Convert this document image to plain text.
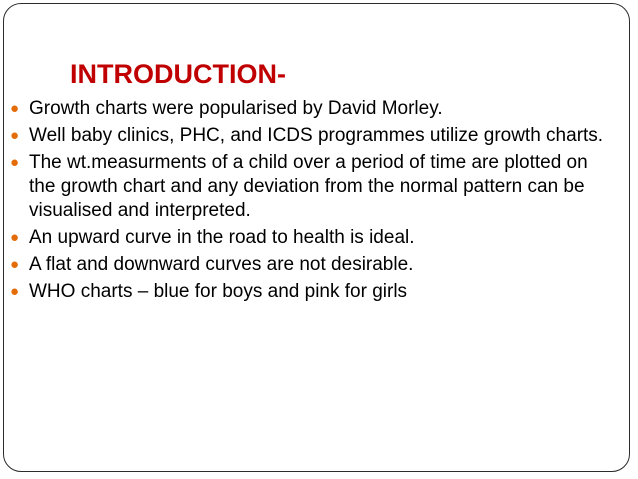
INTRODUCTION-
● Growth charts were popularised by David Morley.
● Well baby clinics, PHC, and ICDS programmes utilize growth charts.
● The wt.measurments of a child over a period of time are plotted on the growth chart and any deviation from the normal pattern can be visualised and interpreted.
● An upward curve in the road to health is ideal.
● A flat and downward curves are not desirable.
● WHO charts – blue for boys and pink for girls
